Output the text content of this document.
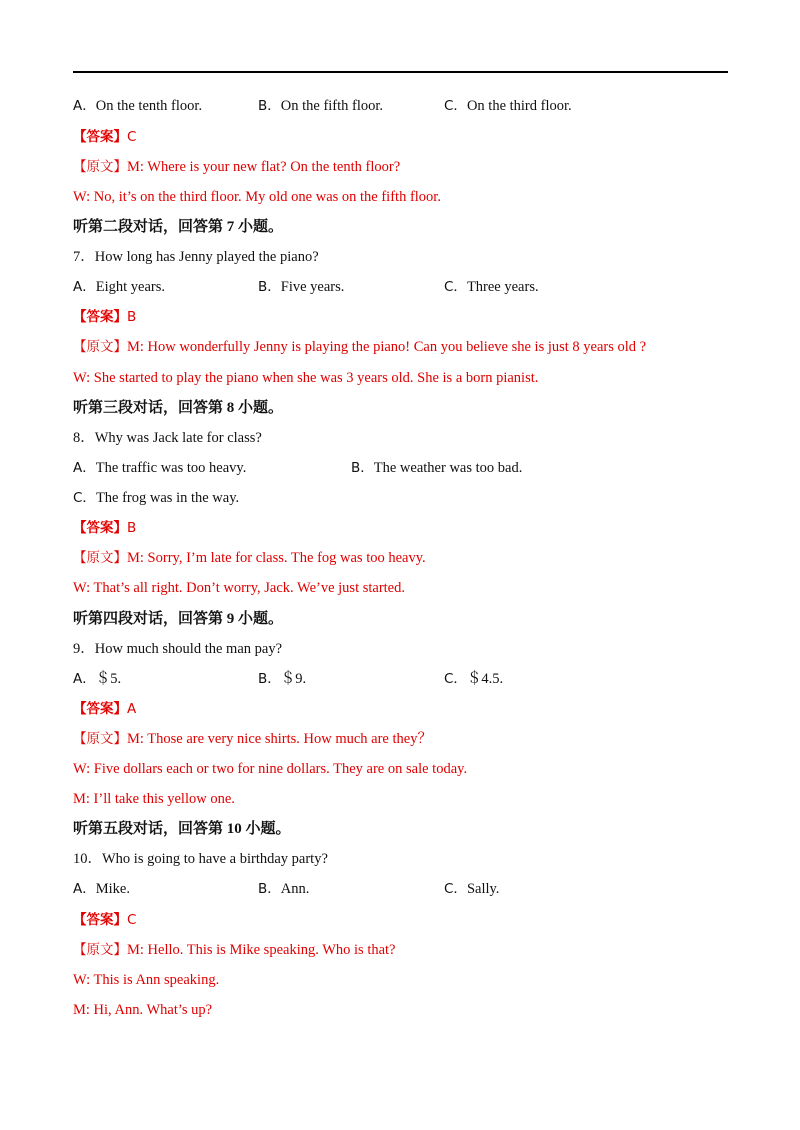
A．On the tenth floor.	B．On the fifth floor.	C．On the third floor.
【答案】C
【原文】M: Where is your new flat? On the tenth floor?
W: No, it’s on the third floor. My old one was on the fifth floor.
听第二段对话，回答第 7 小题。
7．How long has Jenny played the piano?
A．Eight years.	B．Five years.	C．Three years.
【答案】B
【原文】M: How wonderfully Jenny is playing the piano! Can you believe she is just 8 years old ?
W: She started to play the piano when she was 3 years old. She is a born pianist.
听第三段对话，回答第 8 小题。
8．Why was Jack late for class?
A．The traffic was too heavy.	B．The weather was too bad.
C．The frog was in the way.
【答案】B
【原文】M: Sorry, I’m late for class. The fog was too heavy.
W: That’s all right. Don’t worry, Jack. We’ve just started.
听第四段对话，回答第 9 小题。
9．How much should the man pay?
A．＄5.	B．＄9.	C．＄4.5.
【答案】A
【原文】M: Those are very nice shirts. How much are they？
W: Five dollars each or two for nine dollars. They are on sale today.
M: I’ll take this yellow one.
听第五段对话，回答第 10 小题。
10．Who is going to have a birthday party?
A．Mike.	B．Ann.	C．Sally.
【答案】C
【原文】M: Hello. This is Mike speaking. Who is that?
W: This is Ann speaking.
M: Hi, Ann. What’s up?
